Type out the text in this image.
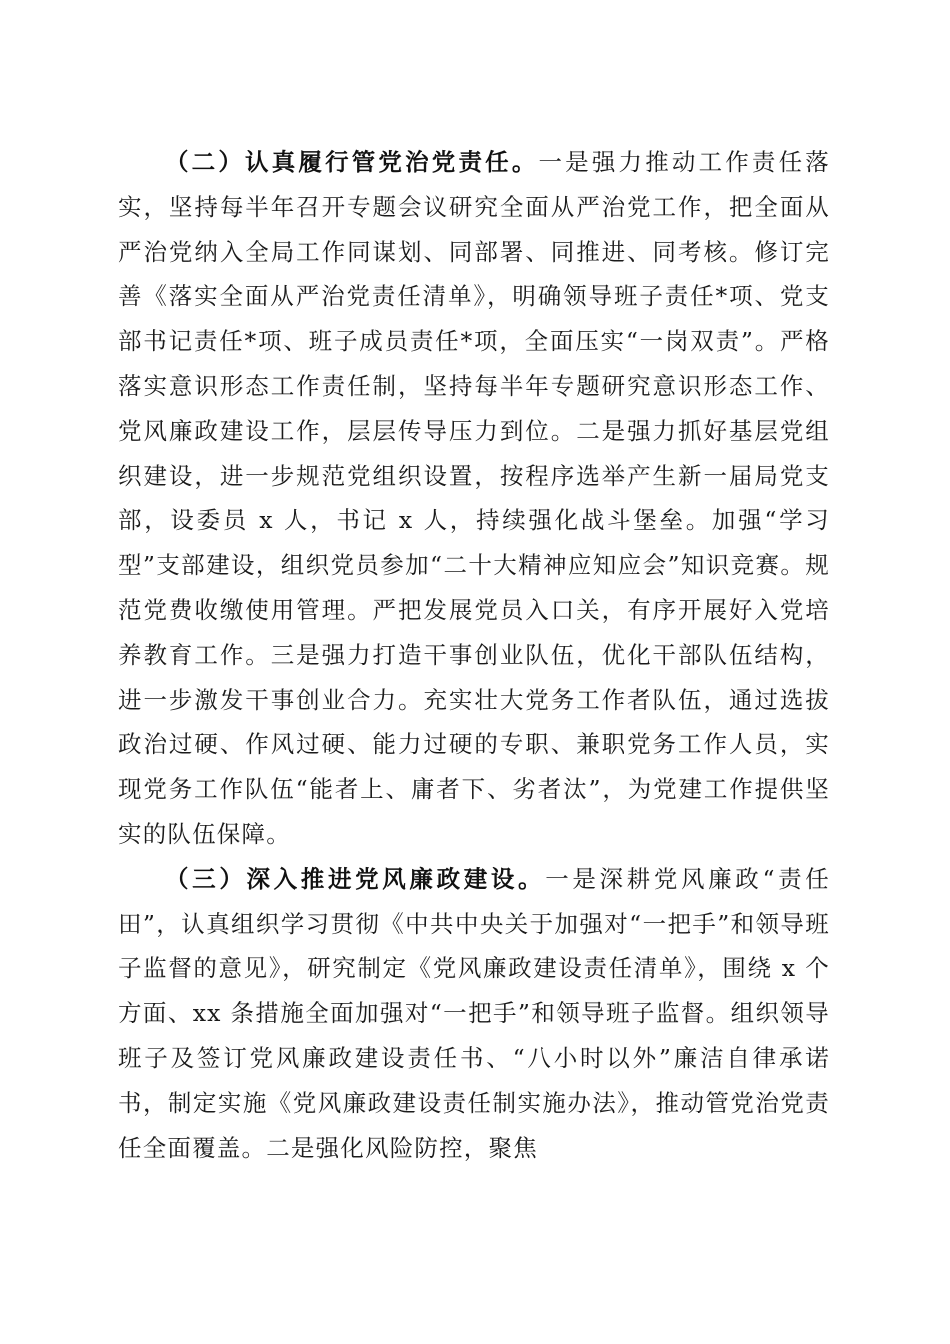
（二）认真履行管党治党责任。一是强力推动工作责任落实，坚持每半年召开专题会议研究全面从严治党工作，把全面从严治党纳入全局工作同谋划、同部署、同推进、同考核。修订完善《落实全面从严治党责任清单》，明确领导班子责任*项、党支部书记责任*项、班子成员责任*项，全面压实“一岗双责”。严格落实意识形态工作责任制，坚持每半年专题研究意识形态工作、党风廉政建设工作，层层传导压力到位。二是强力抓好基层党组织建设，进一步规范党组织设置，按程序选举产生新一届局党支部，设委员 x 人，书记 x 人，持续强化战斗堡垒。加强“学习型”支部建设，组织党员参加“二十大精神应知应会”知识竞赛。规范党费收缴使用管理。严把发展党员入口关，有序开展好入党培养教育工作。三是强力打造干事创业队伍，优化干部队伍结构，进一步激发干事创业合力。充实壮大党务工作者队伍，通过选拔政治过硬、作风过硬、能力过硬的专职、兼职党务工作人员，实现党务工作队伍“能者上、庸者下、劣者汰”，为党建工作提供坚实的队伍保障。

（三）深入推进党风廉政建设。一是深耕党风廉政“责任田”，认真组织学习贯彻《中共中央关于加强对“一把手”和领导班子监督的意见》，研究制定《党风廉政建设责任清单》，围绕 x 个方面、xx 条措施全面加强对“一把手”和领导班子监督。组织领导班子及签订党风廉政建设责任书、“八小时以外”廉洁自律承诺书，制定实施《党风廉政建设责任制实施办法》，推动管党治党责任全面覆盖。二是强化风险防控，聚焦
